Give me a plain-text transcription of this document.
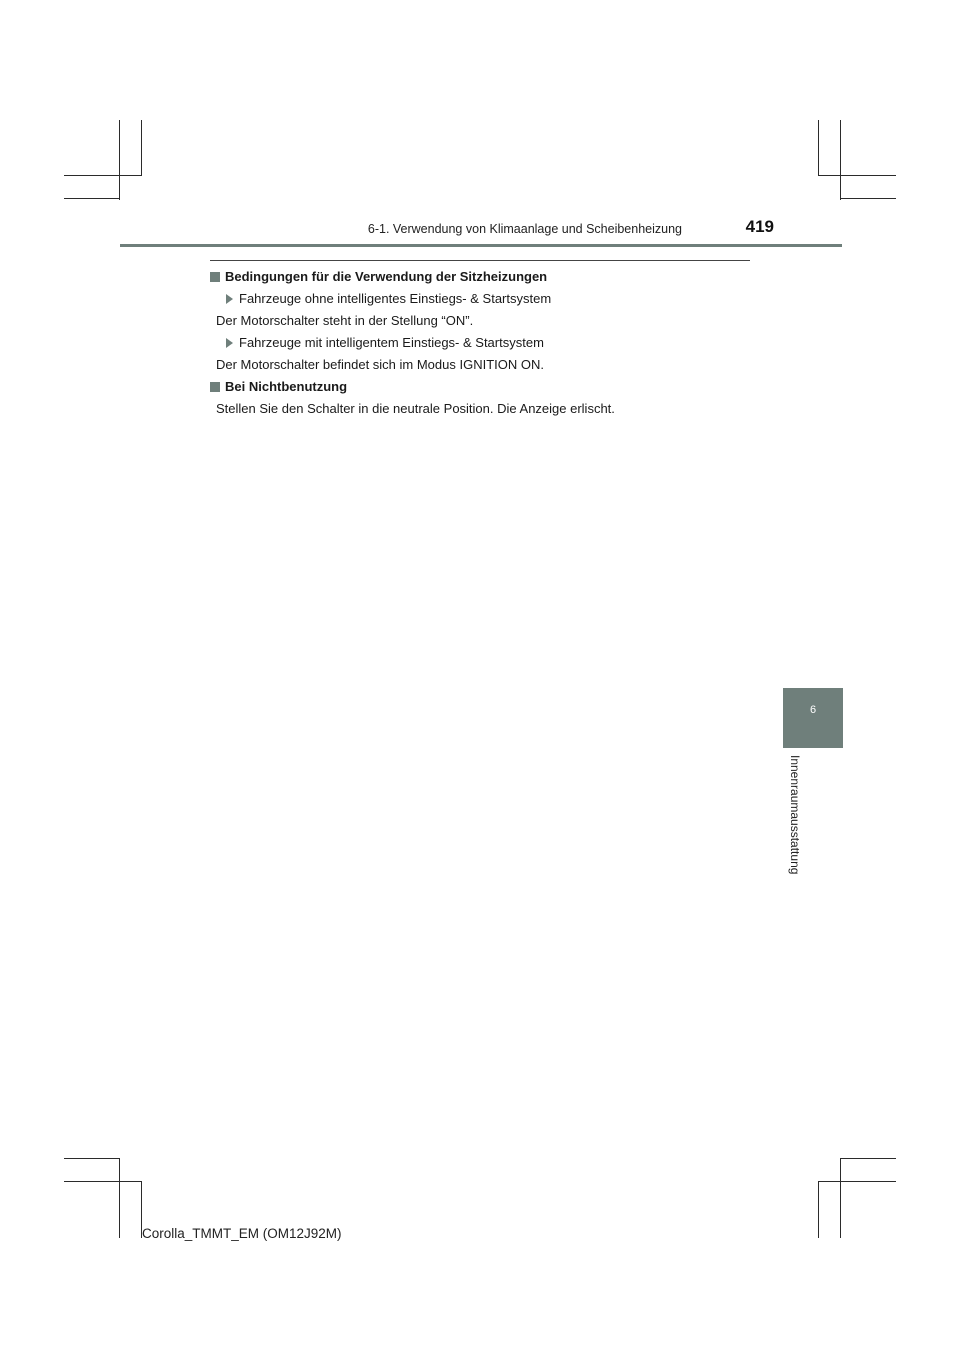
6-1. Verwendung von Klimaanlage und Scheibenheizung	419
Bedingungen für die Verwendung der Sitzheizungen
Fahrzeuge ohne intelligentes Einstiegs- & Startsystem
Der Motorschalter steht in der Stellung “ON”.
Fahrzeuge mit intelligentem Einstiegs- & Startsystem
Der Motorschalter befindet sich im Modus IGNITION ON.
Bei Nichtbenutzung
Stellen Sie den Schalter in die neutrale Position. Die Anzeige erlischt.
6
Innenraumausstattung
Corolla_TMMT_EM (OM12J92M)
